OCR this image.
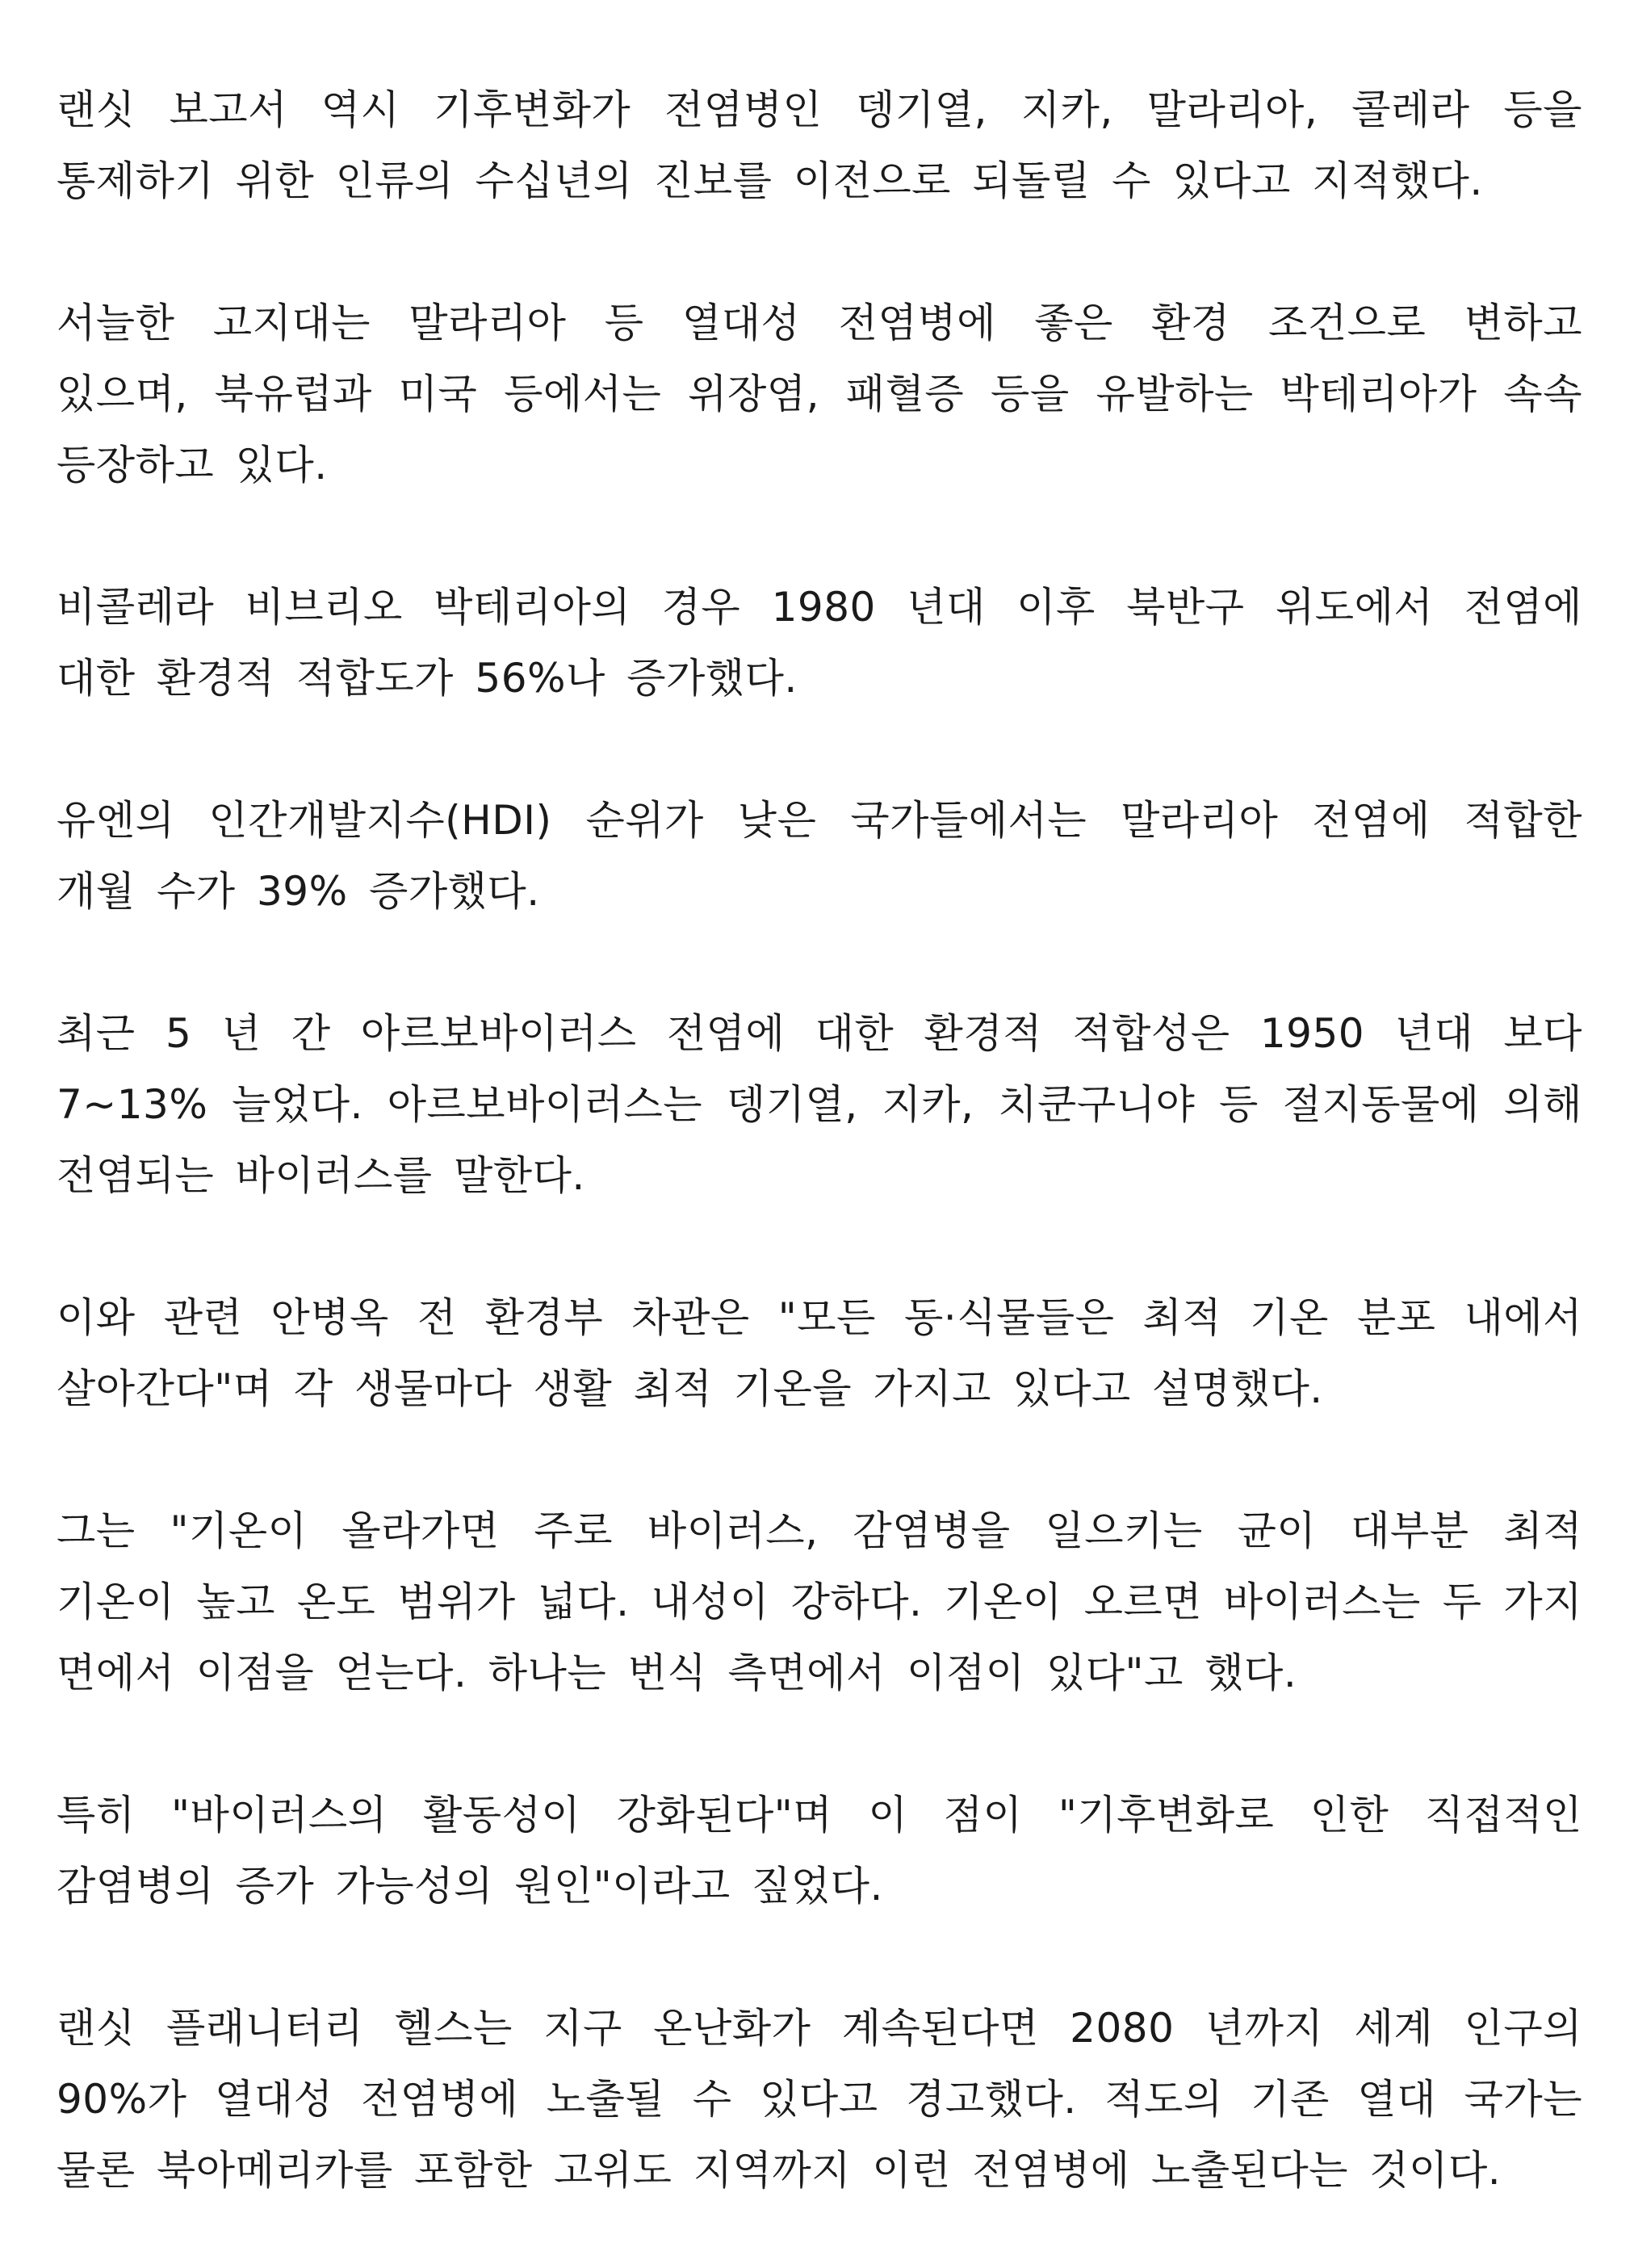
랜싯 보고서 역시 기후변화가 전염병인 뎅기열, 지카, 말라리아, 콜레라 등을 통제하기 위한 인류의 수십년의 진보를 이전으로 되돌릴 수 있다고 지적했다.

서늘한 고지대는 말라리아 등 열대성 전염병에 좋은 환경 조건으로 변하고 있으며, 북유럽과 미국 등에서는 위장염, 패혈증 등을 유발하는 박테리아가 속속 등장하고 있다.

비콜레라 비브리오 박테리아의 경우 1980 년대 이후 북반구 위도에서 전염에 대한 환경적 적합도가 56%나 증가했다.

유엔의 인간개발지수(HDI) 순위가 낮은 국가들에서는 말라리아 전염에 적합한 개월 수가 39% 증가했다.

최근 5 년 간 아르보바이러스 전염에 대한 환경적 적합성은 1950 년대 보다 7~13% 늘었다. 아르보바이러스는 뎅기열, 지카, 치쿤구니야 등 절지동물에 의해 전염되는 바이러스를 말한다.

이와 관련 안병옥 전 환경부 차관은 "모든 동·식물들은 최적 기온 분포 내에서 살아간다"며 각 생물마다 생활 최적 기온을 가지고 있다고 설명했다.

그는 "기온이 올라가면 주로 바이러스, 감염병을 일으키는 균이 대부분 최적 기온이 높고 온도 범위가 넓다. 내성이 강하다. 기온이 오르면 바이러스는 두 가지 면에서 이점을 얻는다. 하나는 번식 측면에서 이점이 있다"고 했다.

특히 "바이러스의 활동성이 강화된다"며 이 점이 "기후변화로 인한 직접적인 감염병의 증가 가능성의 원인"이라고 짚었다.

랜싯 플래니터리 헬스는 지구 온난화가 계속된다면 2080 년까지 세계 인구의 90%가 열대성 전염병에 노출될 수 있다고 경고했다. 적도의 기존 열대 국가는 물론 북아메리카를 포함한 고위도 지역까지 이런 전염병에 노출된다는 것이다.
